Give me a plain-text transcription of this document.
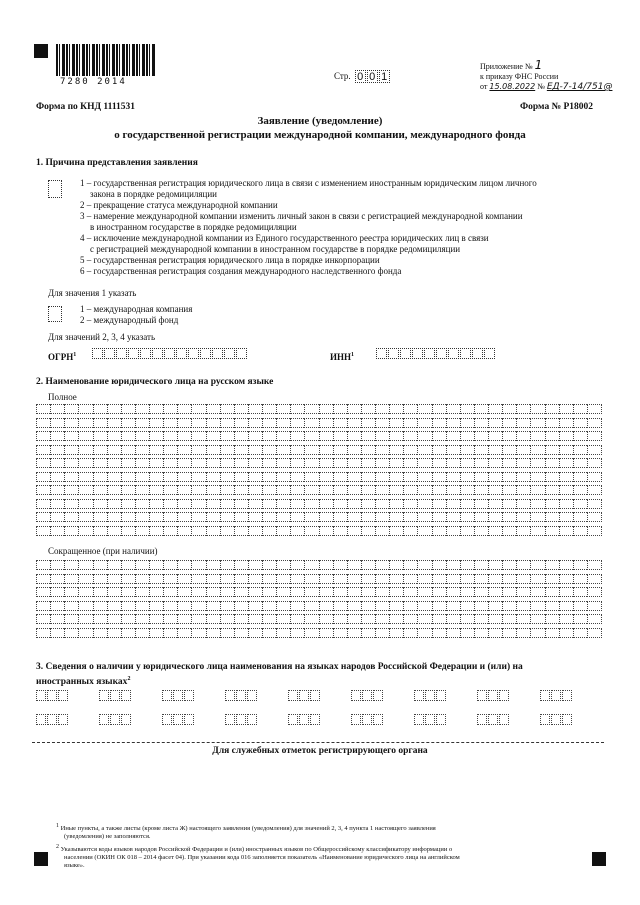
7280 2014
Стр. 0 0 1
Приложение № 1
к приказу ФНС России
от 15.08.2022 № ЕД-7-14/751@
Форма по КНД 1111531	Форма № Р18002
Заявление (уведомление)
о государственной регистрации международной компании, международного фонда
1. Причина представления заявления
1 – государственная регистрация юридического лица в связи с изменением иностранным юридическим лицом личного
закона в порядке редомициляции
2 – прекращение статуса международной компании
3 – намерение международной компании изменить личный закон в связи с регистрацией международной компании
в иностранном государстве в порядке редомициляции
4 – исключение международной компании из Единого государственного реестра юридических лиц в связи
с регистрацией международной компании в иностранном государстве в порядке редомициляции
5 – государственная регистрация юридического лица в порядке инкорпорации
6 – государственная регистрация создания международного наследственного фонда
Для значения 1 указать
1 – международная компания
2 – международный фонд
Для значений 2, 3, 4 указать
ОГРН$^1$	ИНН$^1$
2. Наименование юридического лица на русском языке
Полное
Сокращенное (при наличии)
3. Сведения о наличии у юридического лица наименования на языках народов Российской Федерации и (или) на
иностранных языках$^2$
Для служебных отметок регистрирующего органа
$^1$ Иные пункты, а также листы (кроме листа Ж) настоящего заявления (уведомления) для значений 2, 3, 4 пункта 1 настоящего заявления
(уведомления) не заполняются.
$^2$ Указываются коды языков народов Российской Федерации и (или) иностранных языков по Общероссийскому классификатору информации о
населении (ОКИН ОК 018 – 2014 фасет 04). При указании кода 016 заполняется показатель «Наименование юридического лица на английском
языке».
